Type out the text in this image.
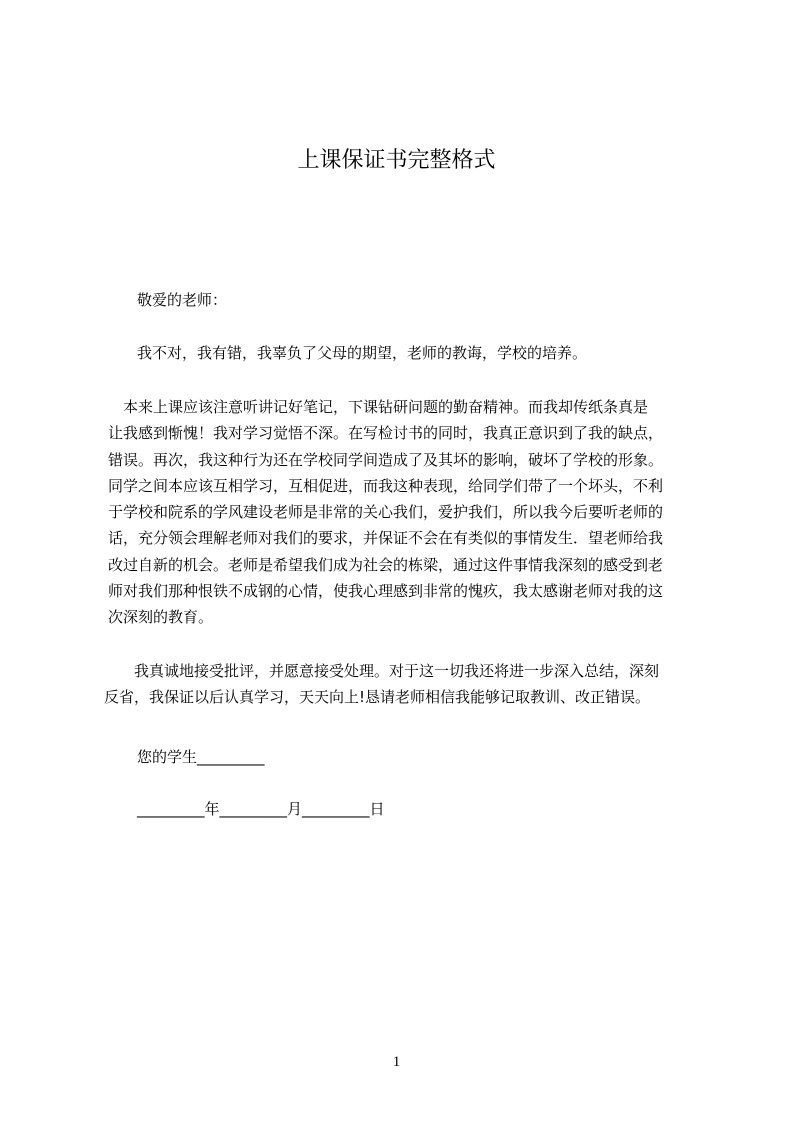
上课保证书完整格式
敬爱的老师：
我不对，我有错，我辜负了父母的期望，老师的教诲，学校的培养。
　本来上课应该注意听讲记好笔记，下课钻研问题的勤奋精神。而我却传纸条真是
让我感到惭愧！我对学习觉悟不深。在写检讨书的同时，我真正意识到了我的缺点，
错误。再次，我这种行为还在学校同学间造成了及其坏的影响，破坏了学校的形象。
同学之间本应该互相学习，互相促进，而我这种表现，给同学们带了一个坏头，不利
于学校和院系的学风建设老师是非常的关心我们，爱护我们，所以我今后要听老师的
话，充分领会理解老师对我们的要求，并保证不会在有类似的事情发生．望老师给我
改过自新的机会。老师是希望我们成为社会的栋梁，通过这件事情我深刻的感受到老
师对我们那种恨铁不成钢的心情，使我心理感到非常的愧疚，我太感谢老师对我的这
次深刻的教育。
　　我真诚地接受批评，并愿意接受处理。对于这一切我还将进一步深入总结，深刻
反省，我保证以后认真学习，天天向上!恳请老师相信我能够记取教训、改正错误。
您的学生_________
_________年_________月_________日
1
